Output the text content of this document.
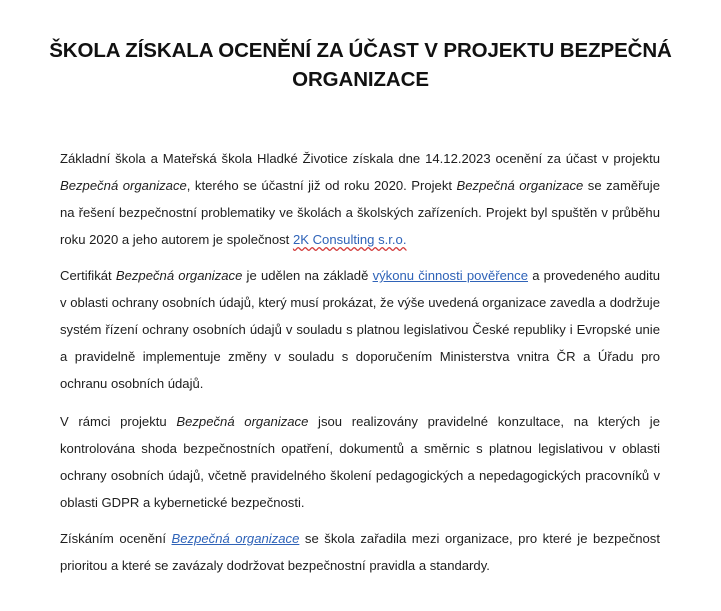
ŠKOLA ZÍSKALA OCENĚNÍ ZA ÚČAST V PROJEKTU BEZPEČNÁ ORGANIZACE
Základní škola a Mateřská škola Hladké Životice získala dne 14.12.2023 ocenění za účast v projektu Bezpečná organizace, kterého se účastní již od roku 2020. Projekt Bezpečná organizace se zaměřuje na řešení bezpečnostní problematiky ve školách a školských zařízeních. Projekt byl spuštěn v průběhu roku 2020 a jeho autorem je společnost 2K Consulting s.r.o.
Certifikát Bezpečná organizace je udělen na základě výkonu činnosti pověřence a provedeného auditu v oblasti ochrany osobních údajů, který musí prokázat, že výše uvedená organizace zavedla a dodržuje systém řízení ochrany osobních údajů v souladu s platnou legislativou České republiky i Evropské unie a pravidelně implementuje změny v souladu s doporučením Ministerstva vnitra ČR a Úřadu pro ochranu osobních údajů.
V rámci projektu Bezpečná organizace jsou realizovány pravidelné konzultace, na kterých je kontrolována shoda bezpečnostních opatření, dokumentů a směrnic s platnou legislativou v oblasti ochrany osobních údajů, včetně pravidelného školení pedagogických a nepedagogických pracovníků v oblasti GDPR a kybernetické bezpečnosti.
Získáním ocenění Bezpečná organizace se škola zařadila mezi organizace, pro které je bezpečnost prioritou a které se zavázaly dodržovat bezpečnostní pravidla a standardy.
